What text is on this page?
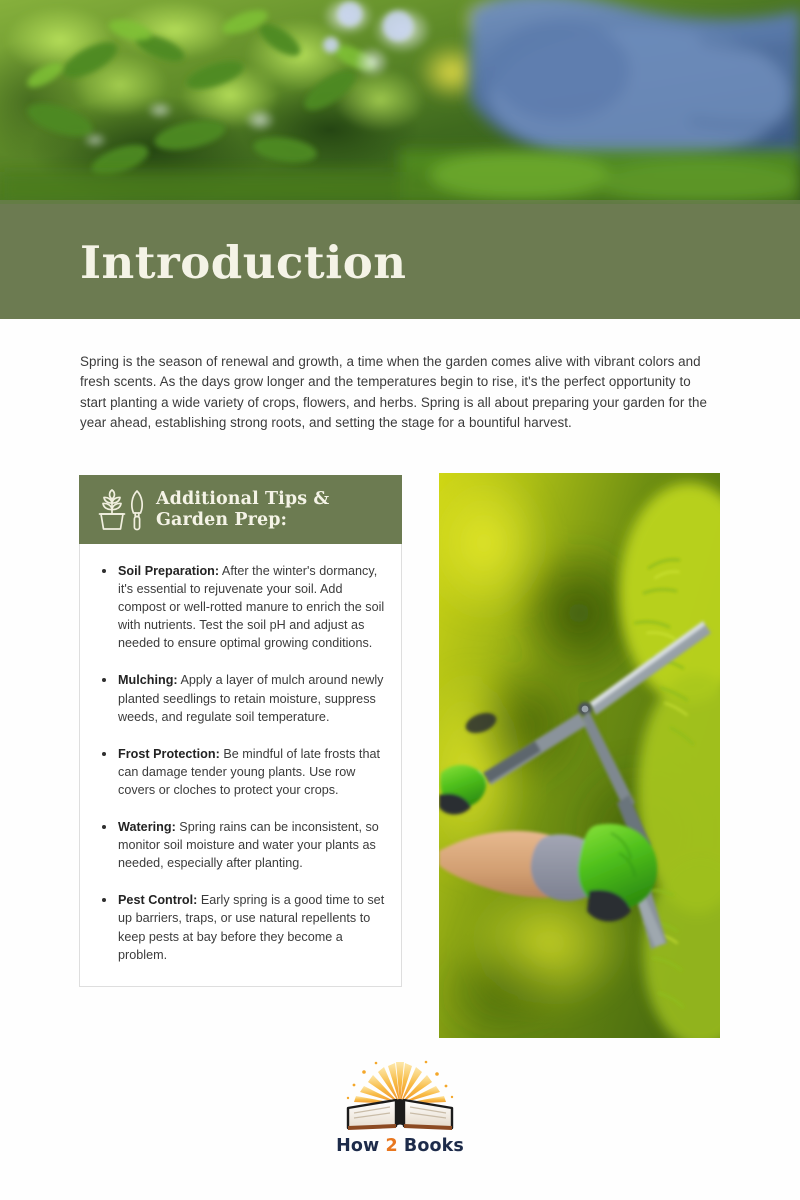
Introduction

Spring is the season of renewal and growth, a time when the garden comes alive with vibrant colors and fresh scents. As the days grow longer and the temperatures begin to rise, it's the perfect opportunity to start planting a wide variety of crops, flowers, and herbs. Spring is all about preparing your garden for the year ahead, establishing strong roots, and setting the stage for a bountiful harvest.

Additional Tips & Garden Prep:
Soil Preparation: After the winter's dormancy, it's essential to rejuvenate your soil. Add compost or well-rotted manure to enrich the soil with nutrients. Test the soil pH and adjust as needed to ensure optimal growing conditions.
Mulching: Apply a layer of mulch around newly planted seedlings to retain moisture, suppress weeds, and regulate soil temperature.
Frost Protection: Be mindful of late frosts that can damage tender young plants. Use row covers or cloches to protect your crops.
Watering: Spring rains can be inconsistent, so monitor soil moisture and water your plants as needed, especially after planting.
Pest Control: Early spring is a good time to set up barriers, traps, or use natural repellents to keep pests at bay before they become a problem.
How 2 Books
